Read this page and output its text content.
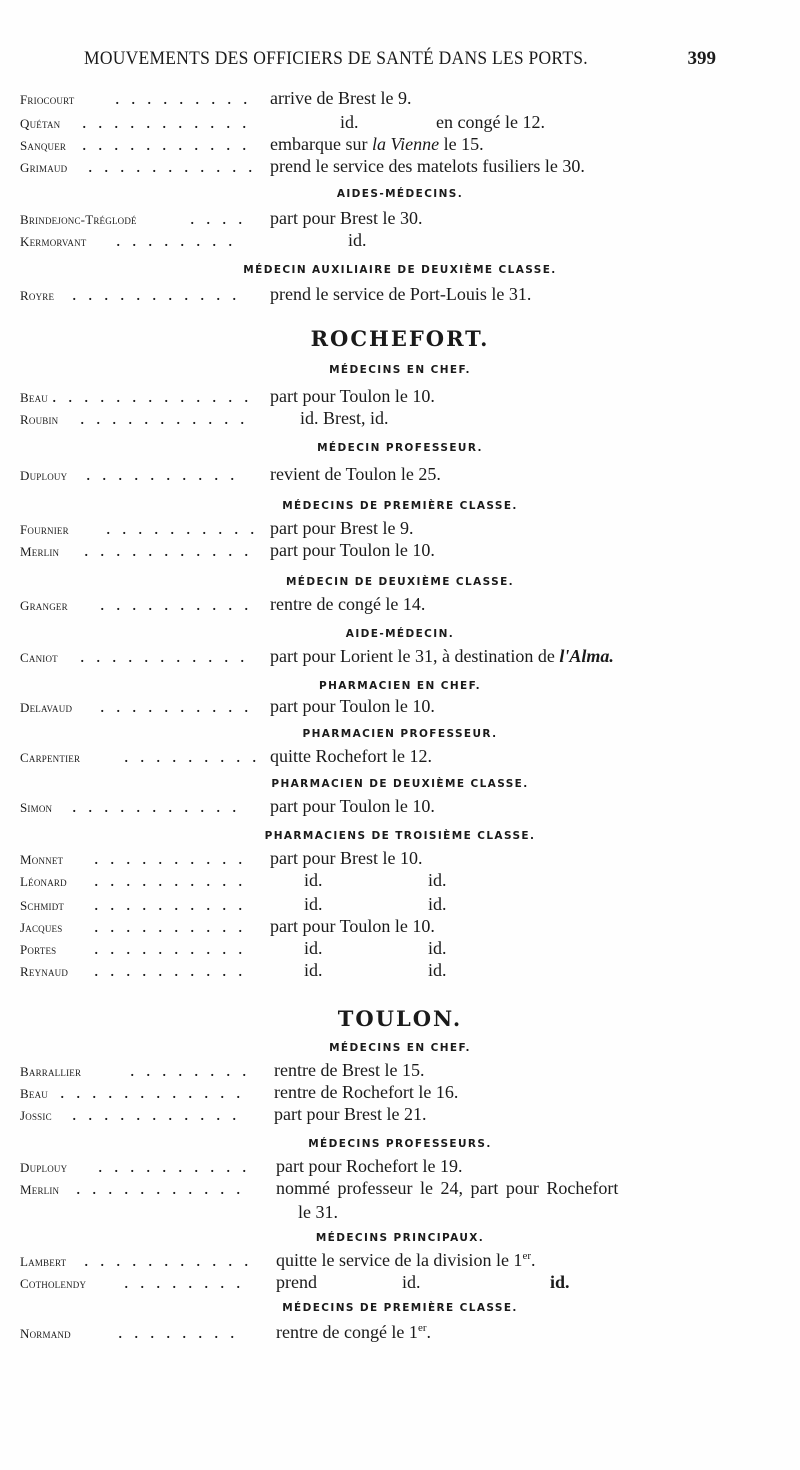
MOUVEMENTS DES OFFICIERS DE SANTÉ DANS LES PORTS.	399
Friocourt . . . . . . . . . arrive de Brest le 9.
Quétan . . . . . . . . . . .	id.	en congé le 12.
Sanquer . . . . . . . . . . . embarque sur la Vienne le 15.
Grimaud . . . . . . . . . . . prend le service des matelots fusiliers le 30.
AIDES-MÉDECINS.
Brindejonc-Tréglodé	. . . . part pour Brest le 30.
Kermorvant . . . . . . . .	id.
MÉDECIN AUXILIAIRE DE DEUXIÈME CLASSE.
Royre . . . . . . . . . . . prend le service de Port-Louis le 31.
ROCHEFORT.
MÉDECINS EN CHEF.
Beau . . . . . . . . . . . . . part pour Toulon le 10.
Roubin . . . . . . . . . . .	id. Brest, id.
MÉDECIN PROFESSEUR.
Duplouy . . . . . . . . . . revient de Toulon le 25.
MÉDECINS DE PREMIÈRE CLASSE.
Fournier . . . . . . . . . . part pour Brest le 9.
Merlin . . . . . . . . . . . part pour Toulon le 10.
MÉDECIN DE DEUXIÈME CLASSE.
Granger . . . . . . . . . . rentre de congé le 14.
AIDE-MÉDECIN.
Caniot . . . . . . . . . . . part pour Lorient le 31, à destination de l'Alma.
PHARMACIEN EN CHEF.
Delavaud . . . . . . . . . . part pour Toulon le 10.
PHARMACIEN PROFESSEUR.
Carpentier . . . . . . . . . quitte Rochefort le 12.
PHARMACIEN DE DEUXIÈME CLASSE.
Simon . . . . . . . . . . . part pour Toulon le 10.
PHARMACIENS DE TROISIÈME CLASSE.
Monnet . . . . . . . . . . part pour Brest le 10.
Léonard . . . . . . . . . .	id.	id.
Schmidt . . . . . . . . . .	id.	id.
Jacques . . . . . . . . . . part pour Toulon le 10.
Portes . . . . . . . . . .	id.	id.
Reynaud . . . . . . . . . .	id.	id.
TOULON.
MÉDECINS EN CHEF.
Barrallier	. . . . . . . . rentre de Brest le 15.
Beau . . . . . . . . . . . . rentre de Rochefort le 16.
Jossic . . . . . . . . . . . part pour Brest le 21.
MÉDECINS PROFESSEURS.
Duplouy . . . . . . . . . . part pour Rochefort le 19.
Merlin . . . . . . . . . . . nommé professeur le 24, part pour Rochefort
le 31.
MÉDECINS PRINCIPAUX.
Lambert . . . . . . . . . . . quitte le service de la division le 1er.
Cotholendy . . . . . . . . prend	id.	id.
MÉDECINS DE PREMIÈRE CLASSE.
Normand	. . . . . . . . rentre de congé le 1er.
